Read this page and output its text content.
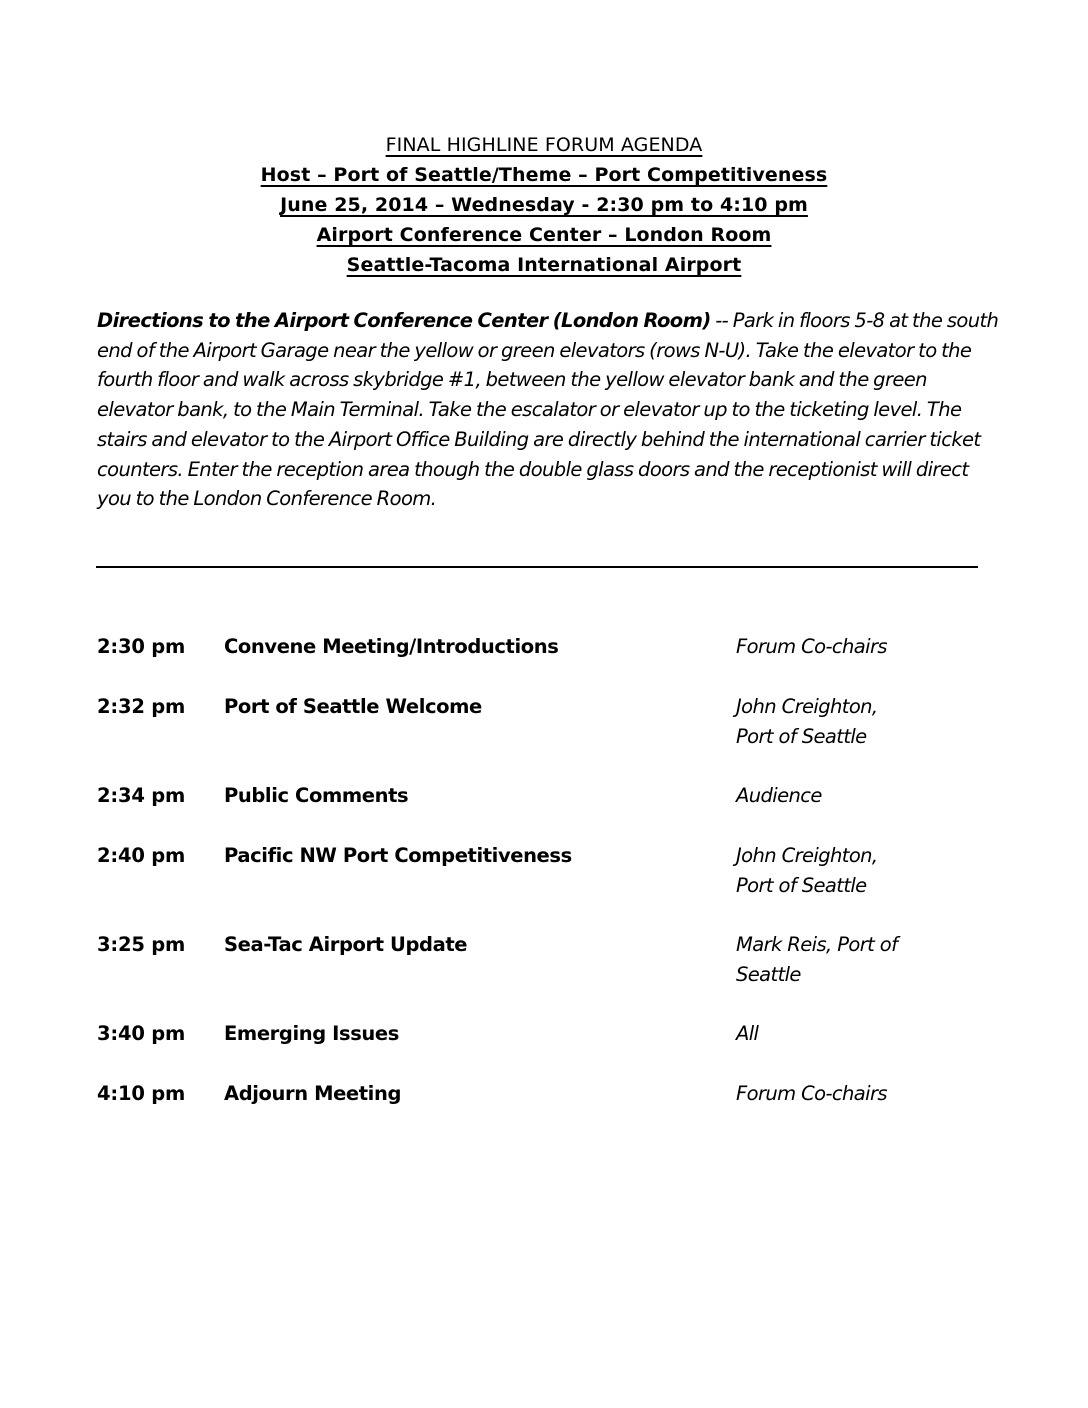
FINAL HIGHLINE FORUM AGENDA
Host – Port of Seattle/Theme – Port Competitiveness
June 25, 2014 – Wednesday - 2:30 pm to 4:10 pm
Airport Conference Center – London Room
Seattle-Tacoma International Airport
Directions to the Airport Conference Center (London Room) -- Park in floors 5-8 at the south end of the Airport Garage near the yellow or green elevators (rows N-U). Take the elevator to the fourth floor and walk across skybridge #1, between the yellow elevator bank and the green elevator bank, to the Main Terminal. Take the escalator or elevator up to the ticketing level. The stairs and elevator to the Airport Office Building are directly behind the international carrier ticket counters. Enter the reception area though the double glass doors and the receptionist will direct you to the London Conference Room.
2:30 pm Convene Meeting/Introductions	Forum Co-chairs
2:32 pm Port of Seattle Welcome	John Creighton,
Port of Seattle
2:34 pm Public Comments	Audience
2:40 pm Pacific NW Port Competitiveness	John Creighton,
Port of Seattle
3:25 pm Sea-Tac Airport Update	Mark Reis, Port of
Seattle
3:40 pm Emerging Issues	All
4:10 pm Adjourn Meeting	Forum Co-chairs
